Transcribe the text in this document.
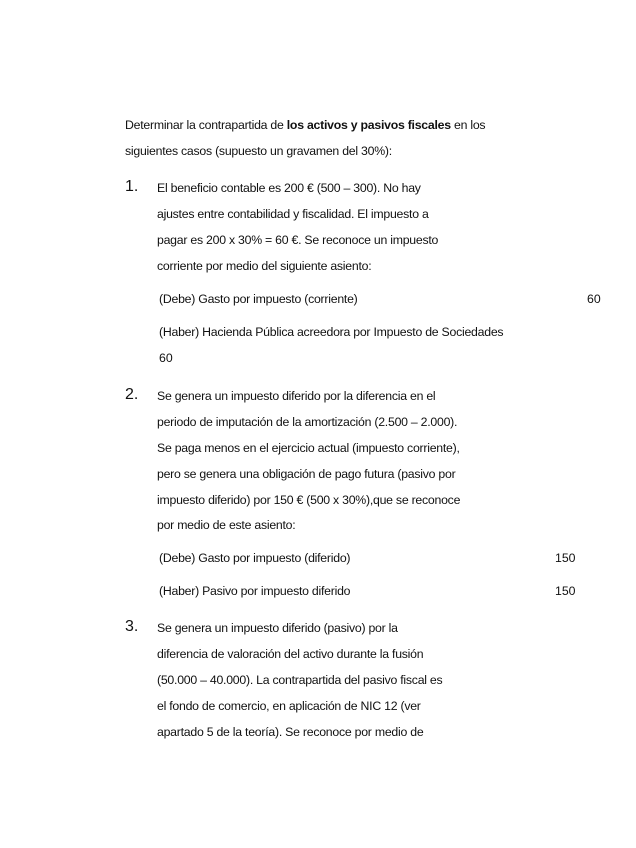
Determinar la contrapartida de los activos y pasivos fiscales en los
siguientes casos (supuesto un gravamen del 30%):
1. El beneficio contable es 200 € (500 – 300). No hay
ajustes entre contabilidad y fiscalidad. El impuesto a
pagar es 200 x 30% = 60 €. Se reconoce un impuesto
corriente por medio del siguiente asiento:
(Debe) Gasto por impuesto (corriente)	60
(Haber) Hacienda Pública acreedora por Impuesto de Sociedades
60
2. Se genera un impuesto diferido por la diferencia en el
periodo de imputación de la amortización (2.500 – 2.000).
Se paga menos en el ejercicio actual (impuesto corriente),
pero se genera una obligación de pago futura (pasivo por
impuesto diferido) por 150 € (500 x 30%),que se reconoce
por medio de este asiento:
(Debe) Gasto por impuesto (diferido)	150
(Haber) Pasivo por impuesto diferido	150
3. Se genera un impuesto diferido (pasivo) por la
diferencia de valoración del activo durante la fusión
(50.000 – 40.000). La contrapartida del pasivo fiscal es
el fondo de comercio, en aplicación de NIC 12 (ver
apartado 5 de la teoría). Se reconoce por medio de
